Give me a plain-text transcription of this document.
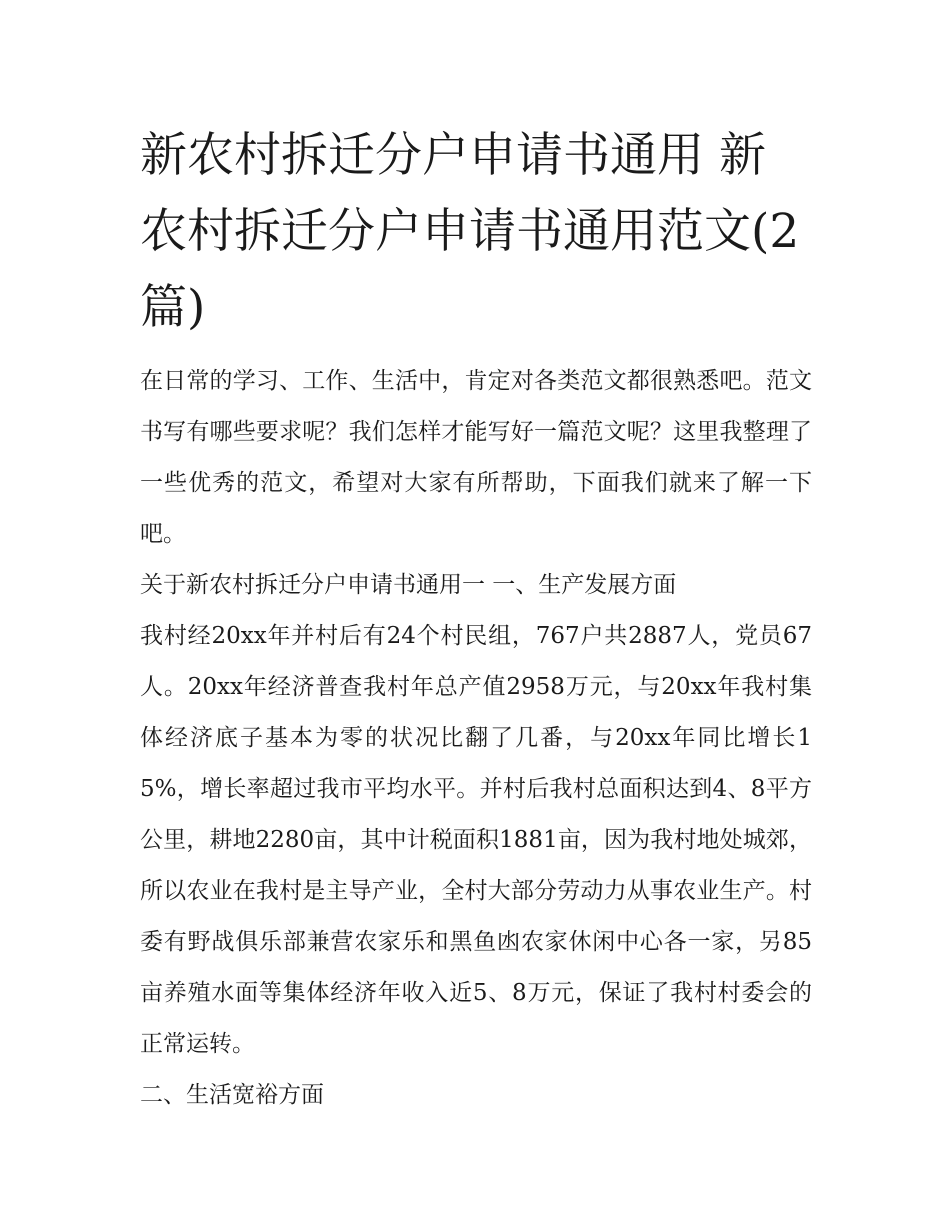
新农村拆迁分户申请书通用 新农村拆迁分户申请书通用范文(2篇)

在日常的学习、工作、生活中，肯定对各类范文都很熟悉吧。范文书写有哪些要求呢？我们怎样才能写好一篇范文呢？这里我整理了一些优秀的范文，希望对大家有所帮助，下面我们就来了解一下吧。

关于新农村拆迁分户申请书通用一 一、生产发展方面

我村经20xx年并村后有24个村民组，767户共2887人，党员67人。20xx年经济普查我村年总产值2958万元，与20xx年我村集体经济底子基本为零的状况比翻了几番，与20xx年同比增长15%，增长率超过我市平均水平。并村后我村总面积达到4、8平方公里，耕地2280亩，其中计税面积1881亩，因为我村地处城郊，所以农业在我村是主导产业，全村大部分劳动力从事农业生产。村委有野战俱乐部兼营农家乐和黑鱼凼农家休闲中心各一家，另85亩养殖水面等集体经济年收入近5、8万元，保证了我村村委会的正常运转。

二、生活宽裕方面
